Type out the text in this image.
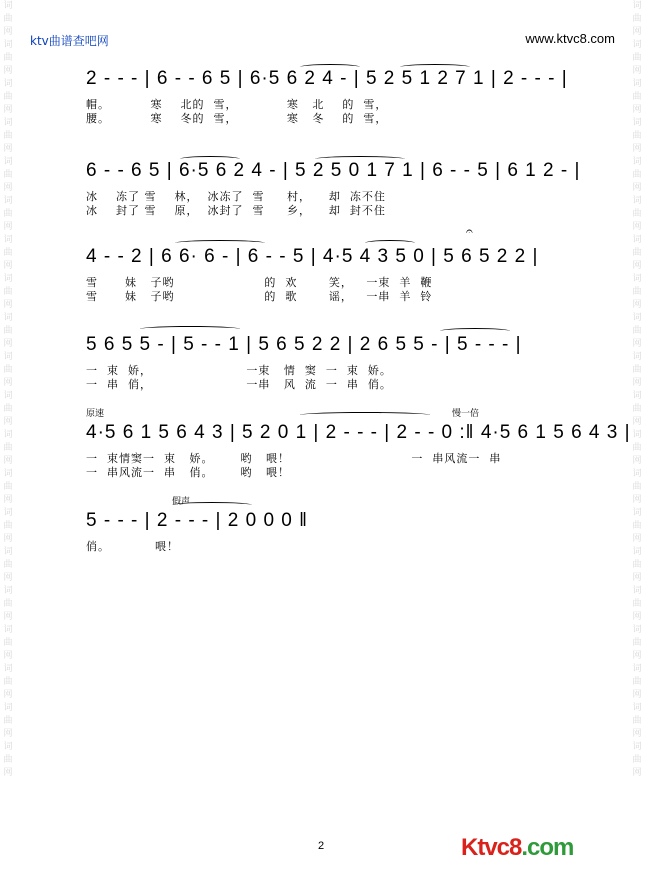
词曲网词曲网词曲网词曲网词曲网词曲网词曲网词曲网词曲网词曲网词曲网词曲网词曲网词曲网词曲网词曲网词曲网词曲网词曲网词曲网
词曲网词曲网词曲网词曲网词曲网词曲网词曲网词曲网词曲网词曲网词曲网词曲网词曲网词曲网词曲网词曲网词曲网词曲网词曲网词曲网
ktv曲谱查吧网	www.ktvc8.com
2 - - - | 6 - - 6 5 | 6·5 6 2 4 - | 5 2 5 1 2 7 1 | 2 - - - |
帽。         寒    北的  雪，           寒   北    的  雪，
腰。         寒    冬的  雪，           寒   冬    的  雪，
6 - - 6 5 | 6·5 6 2 4 - | 5 2 5 0 1 7 1 | 6 - - 5 | 6 1 2 - |
冰    冻了 雪    林，  冰冻了  雪     村，    却  冻不住
冰    封了 雪    原，  冰封了  雪     乡，    却  封不住
𝄐
4 - - 2 | 6 6· 6 - | 6 - - 5 | 4·5 4 3 5 0 | 5 6 5 2 2 |
雪      妹   子哟                    的  欢       笑，   一束  羊  鞭
雪      妹   子哟                    的  歌       谣，   一串  羊  铃
5 6 5 5 - | 5 - - 1 | 5 6 5 2 2 | 2 6 5 5 - | 5 - - - |
一  束  娇，                     一束   情  窦  一  束  娇。
一  串  俏，                     一串   风  流  一  串  俏。
原速	慢一倍
4·5 6 1 5 6 4 3 | 5 2 0 1 | 2 - - - | 2 - - 0 :‖ 4·5 6 1 5 6 4 3 |
一  束情窦一  束   娇。      哟   喂！                           一  串风流一  串
一  串风流一  串   俏。      哟   喂！
假声
5 - - - | 2 - - - | 2 0 0 0 ‖
俏。          喂！
2	Ktvc8.com
